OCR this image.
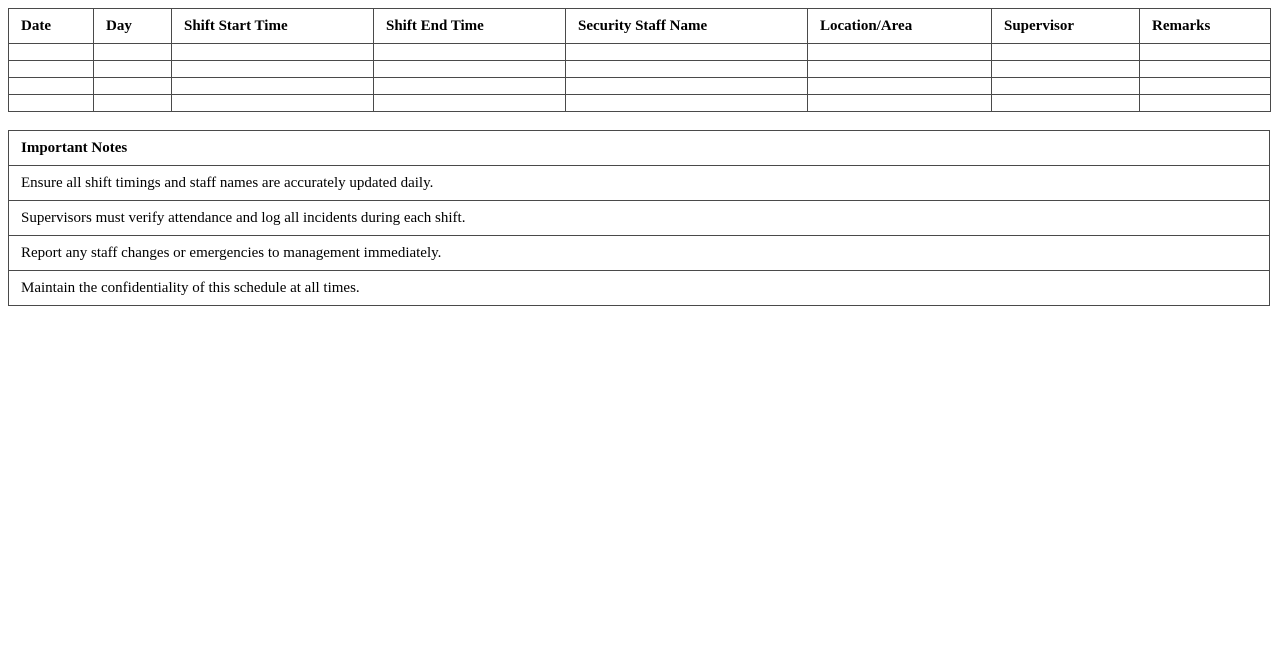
Date	Day	Shift Start Time	Shift End Time	Security Staff Name	Location/Area	Supervisor	Remarks

Important Notes
Ensure all shift timings and staff names are accurately updated daily.
Supervisors must verify attendance and log all incidents during each shift.
Report any staff changes or emergencies to management immediately.
Maintain the confidentiality of this schedule at all times.
